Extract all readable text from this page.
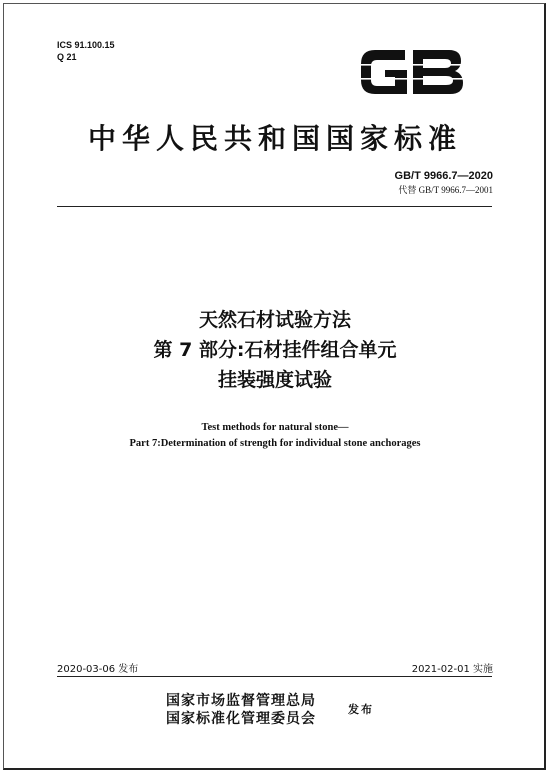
ICS 91.100.15
Q 21
中华人民共和国国家标准
GB/T 9966.7—2020
代替 GB/T 9966.7—2001
天然石材试验方法
第 7 部分:石材挂件组合单元
挂装强度试验
Test methods for natural stone—
Part 7:Determination of strength for individual stone anchorages
2020-03-06 发布	2021-02-01 实施
国家市场监督管理总局
国家标准化管理委员会
发布
